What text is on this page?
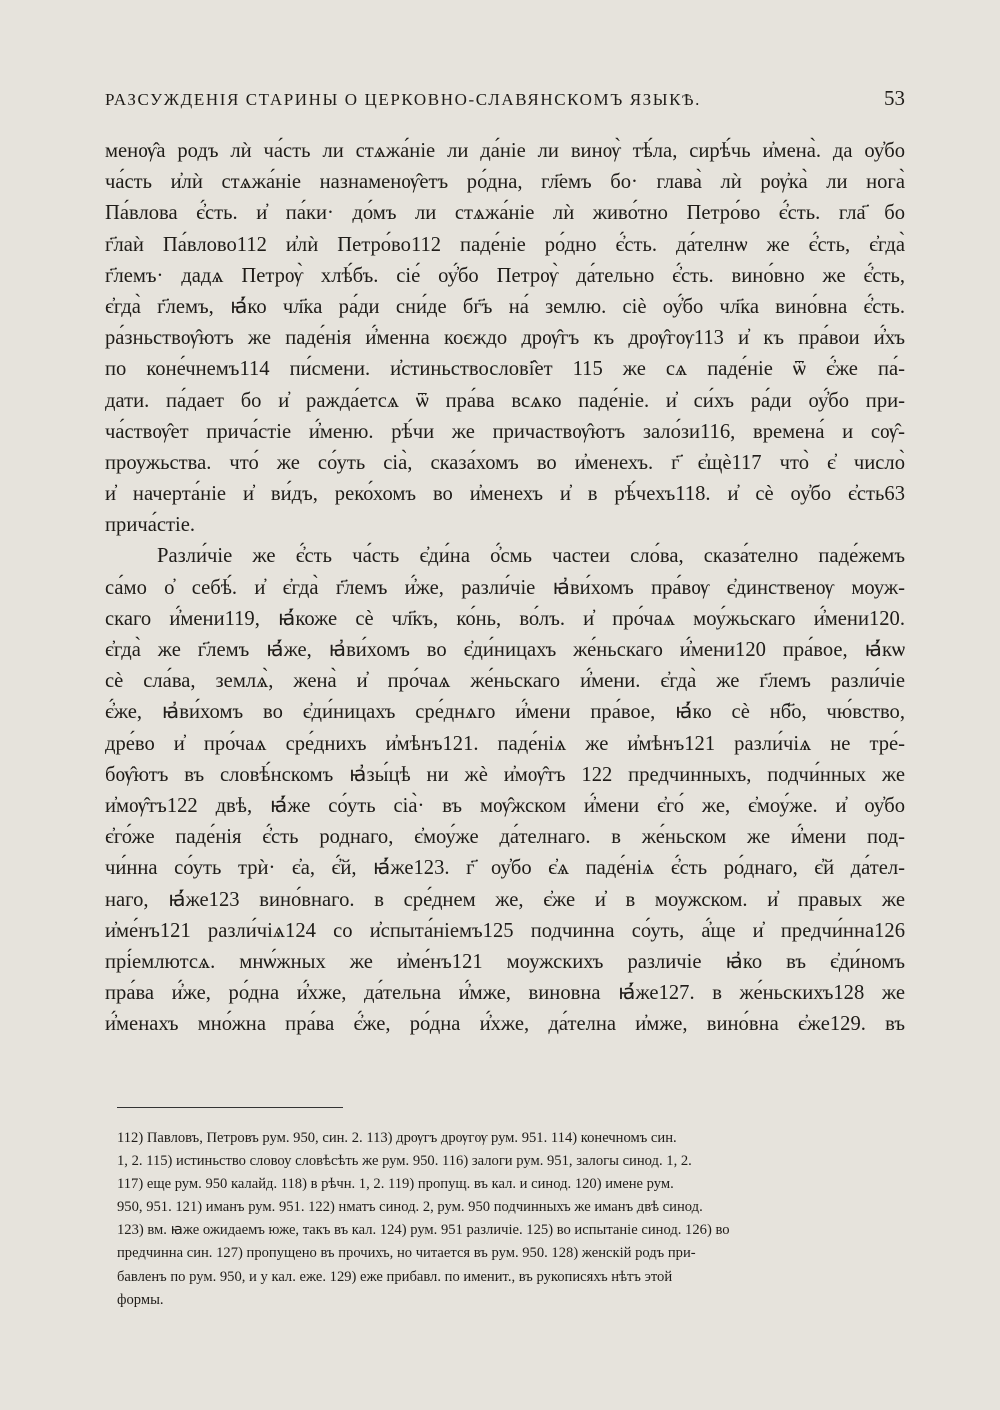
РАЗСУЖДЕНІЯ СТАРИНЫ О ЦЕРКОВНО-СЛАВЯНСКОМЪ ЯЗЫКѢ.	53
менѹ̂а родъ лѝ ча́сть ли стѧжа́ніе ли да́ніе ли винѹ̀ тѣ́ла, сирѣ́чь и҆мена̀. да оу҆бо
ча́сть и҆лѝ стѧжа́ніе назнаменѹ̂етъ ро́дна, гл҃емъ бо· глава̀ лѝ рѹ҆ка̀ ли нога̀
Па́влова є҆́сть. и҆ па́ки· до́мъ ли стѧжа́ніе лѝ живо́тно Петро́во є҆́сть. гла҃ бо
г҃лаѝ Па́влово112 и҆лѝ Петро́во112 паде́ніе ро́дно є҆́сть. да́телнѡ же є҆́сть, є҆гда̀
г҃лемъ· дадѧ Петрѹ̀ хлѣ́бъ. сіе́ оу҆́бо Петрѹ̀ да́тельно є҆́сть. вино́вно же є҆́сть,
є҆гда̀ г҃лемъ, ꙗ҆́ко чл҃ка ра́ди сни́де бг҃ъ на́ землю. сіѐ оу҆́бо чл҃ка вино́вна є҆́сть.
ра́зньствѹ̂ютъ же паде́нія и҆́менна коєждо дрѹ̂гъ къ дрѹ̂гѹ113 и҆ къ пра́вои и҆́хъ
по коне́чнемъ114 пи́смени. и҆стиньствослові̂ет 115 же сѧ паде́ніе ѿ є҆́же па́-
дати. па́дает бо и҆ ражда́етсѧ ѿ пра́ва всѧко паде́ніе. и҆ си́хъ ра́ди оу҆́бо при-
ча́ствѹ̂ет прича́стіе и҆́меню. рѣ́чи же причаствѹ̂ютъ зало́зи116, времена́ и сѹ̂-
проужьства. что́ же со́уть сіа̀, сказа́хомъ во и҆менехъ. г҃ є҆щѐ117 что̀ є҆ число̀
и҆ начерта́ніе и҆ ви́дъ, реко́хомъ во и҆менехъ и҆ в рѣ́чехъ118. и҆ сѐ оу҆бо є҆сть63
прича́стіе.
Разли́чіе же є҆́сть ча́сть є҆ди́на о҆́смь частеи сло́ва, сказа́телно паде́жемъ
са́мо о҆ себѣ́. и҆ є҆гда̀ г҃лемъ и҆́же, разли́чіе ꙗ҆ви́хомъ пра́вѹ є҆динственѹ моуж-
скаго и҆́мени119, ꙗ҆́коже сѐ чл҃къ, ко́нь, во́лъ. и҆ про́чаѧ моу́жьскаго и҆́мени120.
є҆гда̀ же г҃лемъ ꙗ҆́же, ꙗ҆ви́хомъ во є҆ди́ницахъ же́ньскаго и҆́мени120 пра́вое, ꙗ҆́кѡ
сѐ сла́ва, землѧ̀, жена̀ и҆ про́чаѧ же́ньскаго и҆́мени. є҆гда̀ же г҃лемъ разли́чіе
є҆́же, ꙗ҆ви́хомъ во є҆ди́ницахъ сре́днѧго и҆́мени пра́вое, ꙗ҆́ко сѐ нб҃о, чю́вство,
дре́во и҆ про́чаѧ сре́днихъ и҆мѣнъ121. паде́ніѧ же и҆мѣнъ121 разли́чіѧ не тре́-
бѹ̂ютъ въ словѣ́нскомъ ꙗ҆зы́цѣ ни жѐ и҆мѹ̂тъ 122 предчинныхъ, подчи́нных же
и҆мѹ̂тъ122 двѣ, ꙗ҆́же со́уть сіа̀· въ мѹ̂жском и҆́мени є҆го́ же, є҆моу́же. и҆ оу҆бо
є҆го́же паде́нія є҆́сть роднаго, є҆моу́же да́телнаго. в же́ньском же и҆́мени под-
чи́нна со́уть трѝ· є҆а, є҆́й, ꙗ҆́же123. г҃ оу҆бо є҆ѧ паде́ніѧ є҆́сть ро́днаго, є҆й да́тел-
наго, ꙗ҆́же123 вино́внаго. в сре́днем же, є҆же и҆ в моужском. и҆ правых же
и҆ме́нъ121 разли́чіѧ124 со и҆спыта́ніемъ125 подчинна со́уть, а҆́ще и҆ предчи́нна126
прі́емлютсѧ. мнѡ́жных же и҆ме́нъ121 моужскихъ различіе ꙗ҆ко въ є҆ди́номъ
пра́ва и҆́же, ро́дна и҆́хже, да́тельна и҆́мже, виновна ꙗ҆́же127. в же́ньскихъ128 же
и҆́менахъ мно́жна пра́ва є҆́же, ро́дна и҆́хже, да́телна и҆мже, вино́вна є҆же129. въ
112) Павловъ, Петровъ рум. 950, син. 2. 113) дрѹгъ дрѹгѹ рум. 951. 114) конечномъ син.
1, 2. 115) истиньство словоу словѣсѣть же рум. 950. 116) залоги рум. 951, залогы синод. 1, 2.
117) еще рум. 950 калайд. 118) в рѣчн. 1, 2. 119) пропущ. въ кал. и синод. 120) имене рум.
950, 951. 121) иманъ рум. 951. 122) нматъ синод. 2, рум. 950 подчинныхъ же иманъ двѣ синод.
123) вм. ꙗже ожидаемъ юже, такъ въ кал. 124) рум. 951 различіе. 125) во испытаніе синод. 126) во
предчинна син. 127) пропущено въ прочихъ, но читается въ рум. 950. 128) женскій родъ при-
бавленъ по рум. 950, и у кал. еже. 129) еже прибавл. по именит., въ рукописяхъ нѣтъ этой
формы.
